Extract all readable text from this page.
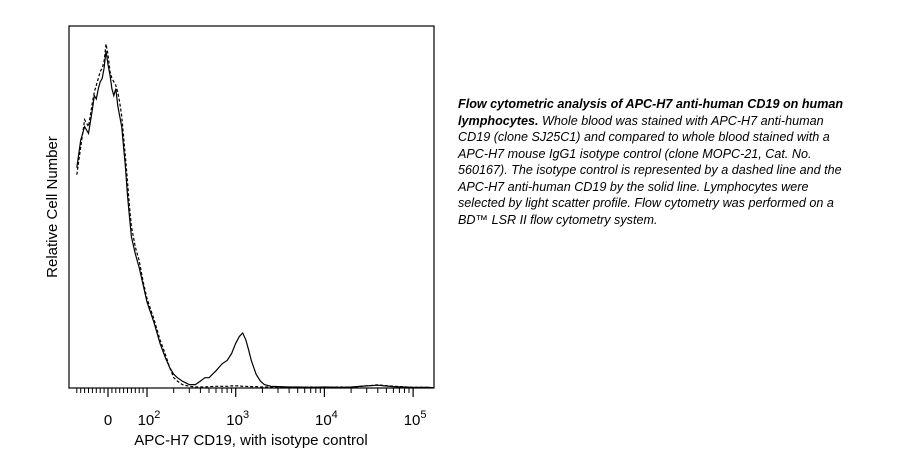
0 $10^2$	$10^3$	$10^4$	$10^5$
APC-H7 CD19, with isotype control
Relative Cell Number

Flow cytometric analysis of APC-H7 anti-human CD19 on human lymphocytes. Whole blood was stained with APC-H7 anti-human CD19 (clone SJ25C1) and compared to whole blood stained with a APC-H7 mouse IgG1 isotype control (clone MOPC-21, Cat. No. 560167). The isotype control is represented by a dashed line and the APC-H7 anti-human CD19 by the solid line. Lymphocytes were selected by light scatter profile. Flow cytometry was performed on a BD™ LSR II flow cytometry system.
